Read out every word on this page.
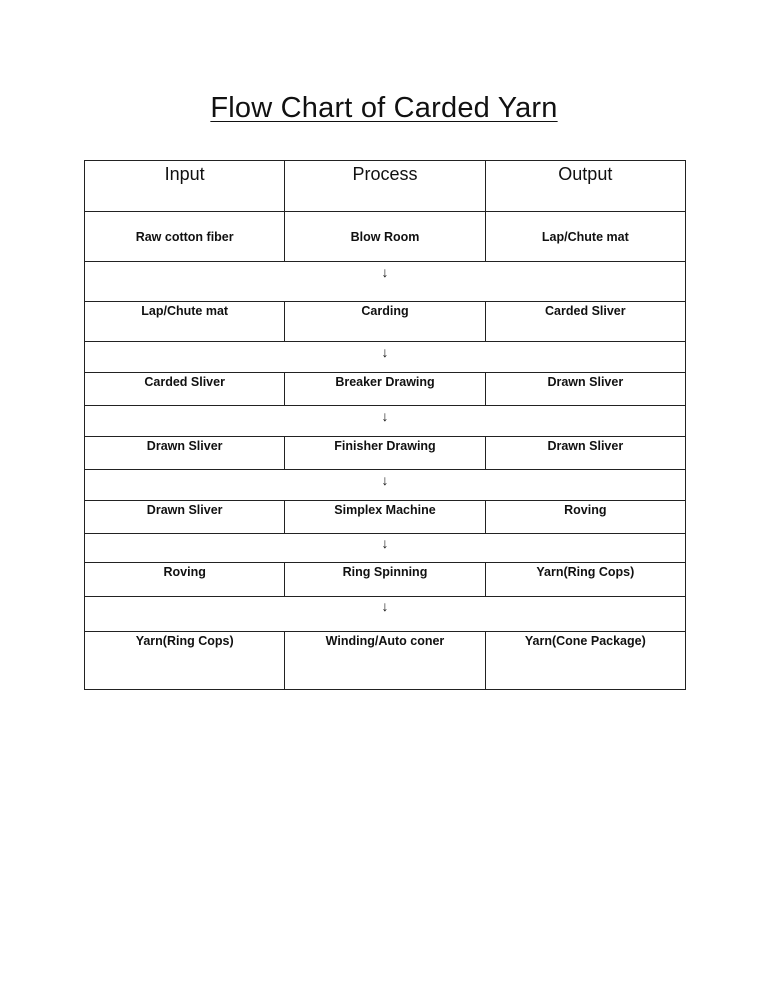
Flow Chart of Carded Yarn
Input	Process	Output
Raw cotton fiber	Blow Room	Lap/Chute mat
↓		
Lap/Chute mat	Carding	Carded Sliver
↓		
Carded Sliver	Breaker Drawing	Drawn Sliver
↓		
Drawn Sliver	Finisher Drawing	Drawn Sliver
↓		
Drawn Sliver	Simplex Machine	Roving
↓		
Roving	Ring Spinning	Yarn(Ring Cops)
↓		
Yarn(Ring Cops)	Winding/Auto coner	Yarn(Cone Package)
